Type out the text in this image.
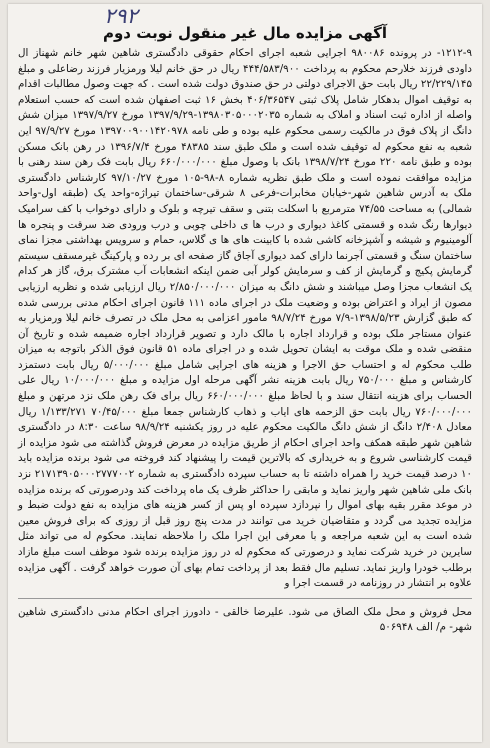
۲۹۲
آگهی مزایده مال غیر منقول نوبت دوم
۱۲۱۲-۹- در پرونده ۹۸۰۰۸۶ اجرایی شعبه اجرای احکام حقوقی دادگستری شاهین شهر خانم شهناز ال داودی فرزند خلارحم محکوم به پرداخت ۴۴۴/۵۸۳/۹۰۰ ریال در حق خانم لیلا ورمزیار فرزند رضاعلی و مبلغ ۲۲/۲۲۹/۱۴۵ ریال بابت حق الاجرای دولتی در حق صندوق دولت شده است . که جهت وصول مطالبات اقدام به توقیف اموال بدهکار شامل پلاک ثبتی ۴۰۶/۳۶۵۴۷ بخش ۱۶ ثبت اصفهان شده است که حسب استعلام واصله از اداره ثبت اسناد و املاک به شماره ۱۳۹۸۰۳۰۵۰۰۰۲۰۳۵-۱۳۹۷/۹/۲۹ مورخ ۱۳۹۷/۹/۲۷ میزان شش دانگ از پلاک فوق در مالکیت رسمی محکوم علیه بوده و طی نامه ۱۳۹۷۰۰۹۰۰۱۴۲۰۹۷۸ مورخ ۹۷/۹/۲۷ این شعبه به نفع محکوم له توقیف شده است و ملک طبق سند ۴۸۳۸۵ مورخ ۱۳۹۶/۷/۴ در رهن بانک مسکن بوده و طبق نامه ۲۲۰ مورخ ۱۳۹۸/۷/۲۴ بانک با وصول مبلغ ۶۶۰/۰۰۰/۰۰۰ ریال بابت فک رهن سند رهنی با مزایده موافقت نموده است و ملک طبق نظریه شماره ۸-۹۸-۱۰۵ مورخ ۹۷/۱۰/۲۷ کارشناس دادگستری ملک به آدرس شاهین شهر-خیابان مخابرات-فرعی ۸ شرقی-ساختمان تیراژه-واحد یک (طبقه اول-واحد شمالی) به مساحت ۷۴/۵۵ مترمربع با اسکلت بتنی و سقف تیرچه و بلوک و دارای دوخواب با کف سرامیک دیوارها رنگ شده و قسمتی کاغذ دیواری و درب ها ی داخلی چوبی و درب ورودی ضد سرقت و پنجره ها آلومینیوم و شیشه و آشپزخانه کاشی شده با کابینت های ها ی گلاس، حمام و سرویس بهداشتی مجزا نمای ساختمان سنگ و قسمتی آجرنما دارای کمد دیواری آجاق گاز صفحه ای بر رده و پارکینگ غیرمسقف سیستم گرمایش پکیج و گرمایش از کف و سرمایش کولر آبی ضمن اینکه انشعابات آب مشترک برق، گاز هر کدام یک انشعاب مجزا وصل میباشند و شش دانگ به میزان ۲/۸۵۰/۰۰۰/۰۰۰ ریال ارزیابی شده و نظریه ارزیابی مصون از ایراد و اعتراض بوده و وضعیت ملک در اجرای ماده ۱۱۱ قانون اجرای احکام مدنی بررسی شده که طبق گزارش ۱۳۹۸/۵/۲۳-۷/۹ مورخ ۹۸/۷/۲۴ مامور اعزامی به محل ملک در تصرف خانم لیلا ورمزیار به عنوان مستاجر ملک بوده و قرارداد اجاره با مالک دارد و تصویر قرارداد اجاره ضمیمه شده و تاریخ آن منقضی شده و ملک موقت به ایشان تحویل شده و در اجرای ماده ۵۱ قانون فوق الذکر باتوجه به میزان طلب محکوم له و احتساب حق الاجرا و هزینه های اجرایی شامل مبلغ ۵/۰۰۰/۰۰۰ ریال بابت دستمزد کارشناس و مبلغ ۷۵۰/۰۰۰ ریال بابت هزینه نشر آگهی مرحله اول مزایده و مبلغ ۱۰/۰۰۰/۰۰۰ ریال علی الحساب برای هزینه انتقال سند و با لحاظ مبلغ ۶۶۰/۰۰۰/۰۰۰ ریال برای فک رهن ملک نزد مرتهن و مبلغ ۷۶۰/۰۰۰/۰۰۰ ریال بابت حق الزحمه های ایاب و ذهاب کارشناس جمعا مبلغ ۷۰/۴۵/۰۰۰ ۱/۱۳۳/۲۷۱ ریال معادل ۲/۴۰۸ دانگ از شش دانگ مالکیت محکوم علیه در روز یکشنبه ۹۸/۹/۲۴ ساعت ۸:۳۰ در دادگستری شاهین شهر طبقه همکف واحد اجرای احکام از طریق مزایده در معرض فروش گذاشته می شود مزایده از قیمت کارشناسی شروع و به خریداری که بالاترین قیمت را پیشنهاد کند فروخته می شود برنده مزایده باید ۱۰ درصد قیمت خرید را همراه داشته تا به حساب سپرده دادگستری به شماره ۲۱۷۱۳۹۰۵۰۰۰۲۷۷۷۰۰۲ نزد بانک ملی شاهین شهر واریز نماید و مابقی را حداکثر ظرف یک ماه پرداخت کند ودرصورتی که برنده مزایده در موعد مقرر بقیه بهای اموال را نپردازد سپرده او پس از کسر هزینه های مزایده به نفع دولت ضبط و مزایده تجدید می گردد و متقاضیان خرید می توانند در مدت پنج روز قبل از روزی که برای فروش معین شده است به این شعبه مراجعه و با معرفی این اجرا ملک را ملاحظه نمایند. محکوم له می تواند مثل سایرین در خرید شرکت نماید و درصورتی که محکوم له در روز مزایده برنده شود موظف است مبلغ مازاد برطلب خودرا واریز نماید. تسلیم مال فقط بعد از پرداخت تمام بهای آن صورت خواهد گرفت . آگهی مزایده علاوه بر انتشار در روزنامه در قسمت اجرا و
محل فروش و محل ملک الصاق می شود. علیرضا خالقی - دادورز اجرای احکام مدنی دادگستری شاهین شهر- م/ الف ۵۰۶۹۴۸
